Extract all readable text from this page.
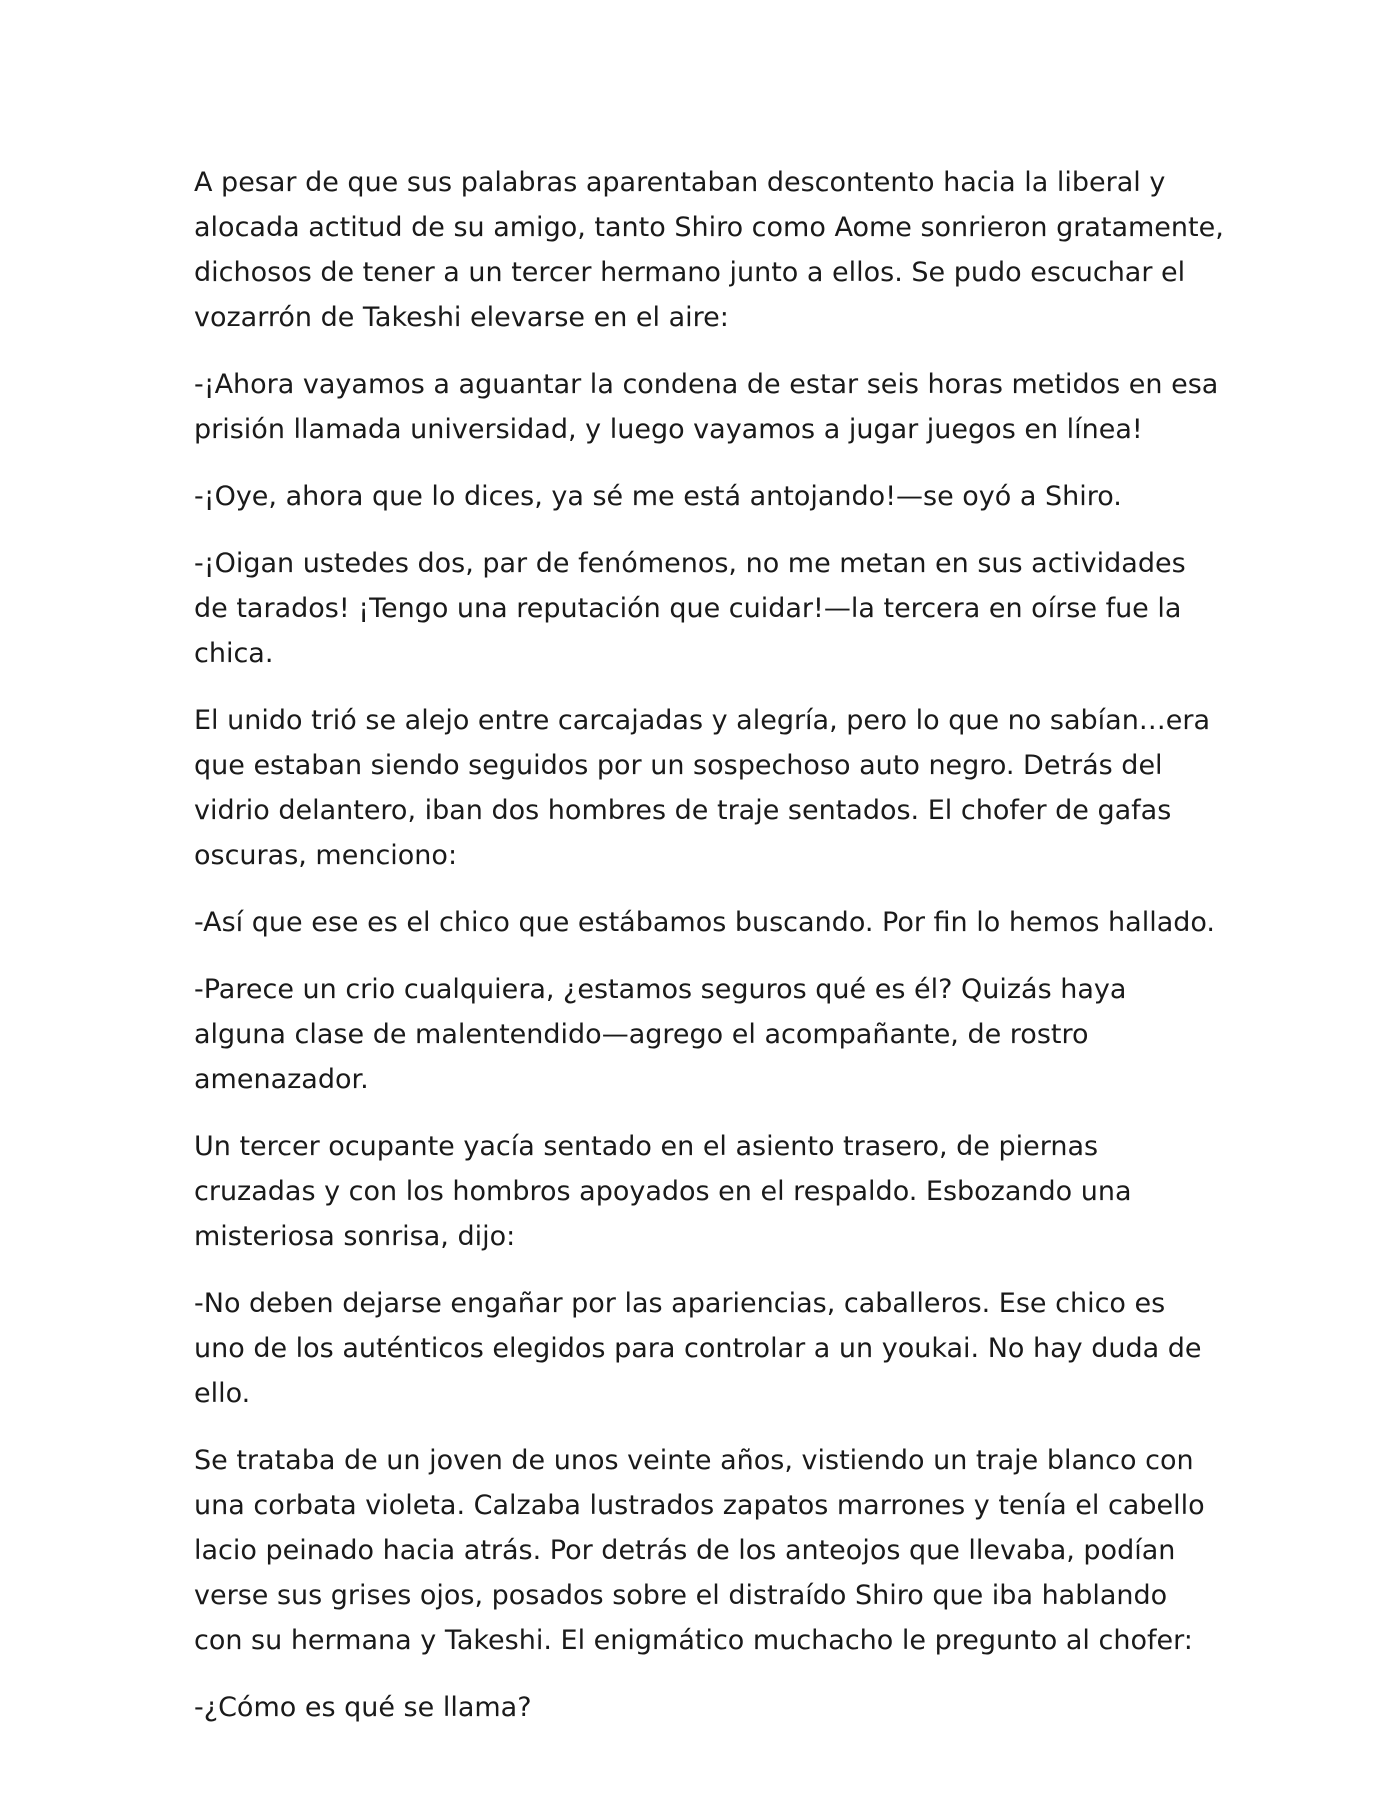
A pesar de que sus palabras aparentaban descontento hacia la liberal y alocada actitud de su amigo, tanto Shiro como Aome sonrieron gratamente, dichosos de tener a un tercer hermano junto a ellos. Se pudo escuchar el vozarrón de Takeshi elevarse en el aire:

-¡Ahora vayamos a aguantar la condena de estar seis horas metidos en esa prisión llamada universidad, y luego vayamos a jugar juegos en línea!

-¡Oye, ahora que lo dices, ya sé me está antojando!—se oyó a Shiro.

-¡Oigan ustedes dos, par de fenómenos, no me metan en sus actividades de tarados! ¡Tengo una reputación que cuidar!—la tercera en oírse fue la chica.

El unido trió se alejo entre carcajadas y alegría, pero lo que no sabían…era que estaban siendo seguidos por un sospechoso auto negro. Detrás del vidrio delantero, iban dos hombres de traje sentados. El chofer de gafas oscuras, menciono:

-Así que ese es el chico que estábamos buscando. Por fin lo hemos hallado.

-Parece un crio cualquiera, ¿estamos seguros qué es él? Quizás haya alguna clase de malentendido—agrego el acompañante, de rostro amenazador.

Un tercer ocupante yacía sentado en el asiento trasero, de piernas cruzadas y con los hombros apoyados en el respaldo. Esbozando una misteriosa sonrisa, dijo:

-No deben dejarse engañar por las apariencias, caballeros. Ese chico es uno de los auténticos elegidos para controlar a un youkai. No hay duda de ello.

Se trataba de un joven de unos veinte años, vistiendo un traje blanco con una corbata violeta. Calzaba lustrados zapatos marrones y tenía el cabello lacio peinado hacia atrás. Por detrás de los anteojos que llevaba, podían verse sus grises ojos, posados sobre el distraído Shiro que iba hablando con su hermana y Takeshi. El enigmático muchacho le pregunto al chofer:

-¿Cómo es qué se llama?
